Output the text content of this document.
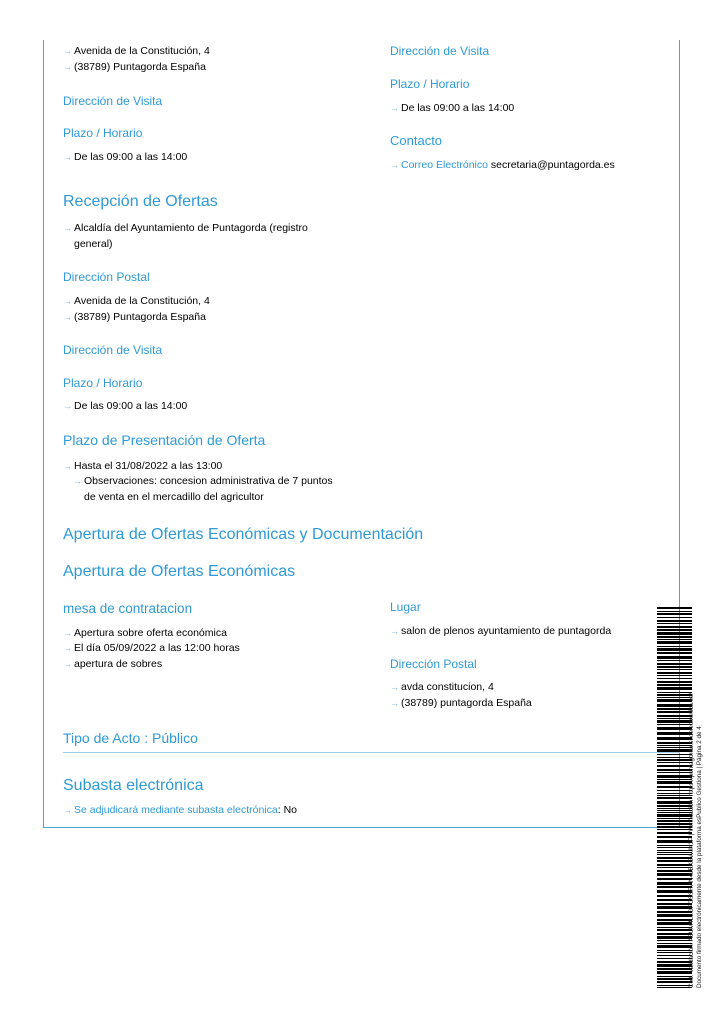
→ Avenida de la Constitución, 4
→ (38789) Puntagorda España
Dirección de Visita
Plazo / Horario
→ De las 09:00 a las 14:00
Dirección de Visita
Plazo / Horario
→ De las 09:00 a las 14:00
Contacto
→ Correo Electrónico secretaria@puntagorda.es
Recepción de Ofertas
→ Alcaldía del Ayuntamiento de Puntagorda (registro
general)
Dirección Postal
→ Avenida de la Constitución, 4
→ (38789) Puntagorda España
Dirección de Visita
Plazo / Horario
→ De las 09:00 a las 14:00
Plazo de Presentación de Oferta
→ Hasta el 31/08/2022 a las 13:00
→ Observaciones: concesion administrativa de 7 puntos
de venta en el mercadillo del agricultor
Apertura de Ofertas Económicas y Documentación
Apertura de Ofertas Económicas
mesa de contratacion
→ Apertura sobre oferta económica
→ El día 05/09/2022 a las 12:00 horas
→ apertura de sobres
Lugar
→ salon de plenos ayuntamiento de puntagorda
Dirección Postal
→ avda constitucion, 4
→ (38789) puntagorda España
Tipo de Acto : Público
Subasta electrónica
→ Se adjudicará mediante subasta electrónica: No	Cód. Validación: A5UM4LLGPGSSRAN4LEXSWJK3P | Verificación: https://puntagorda.sedelectronica.es/ Documento firmado electrónicamente desde la plataforma esPublico Gestiona | Página 2 de 4
